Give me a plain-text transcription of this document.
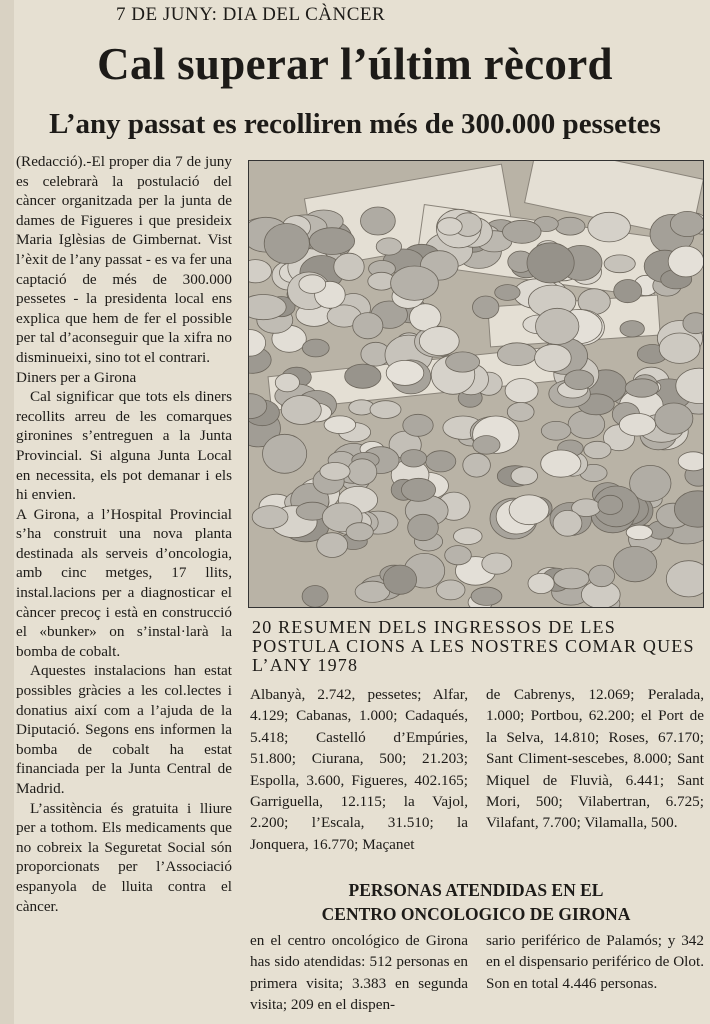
7 DE JUNY: DIA DEL CÀNCER
Cal superar l’últim rècord
L’any passat es recolliren més de 300.000 pessetes

(Redacció).-El proper dia 7 de juny es celebrarà la postulació del càncer organitzada per la junta de dames de Figueres i que presideix Maria Iglèsias de Gimbernat. Vist l’èxit de l’any passat - es va fer una captació de més de 300.000 pessetes - la presidenta local ens explica que hem de fer el possible per tal d’aconseguir que la xifra no disminueixi, sino tot el contrari.

Diners per a Girona

Cal significar que tots els diners recollits arreu de les comarques gironines s’entreguen a la Junta Provincial. Si alguna Junta Local en necessita, els pot demanar i els hi envien.

A Girona, a l’Hospital Provincial s’ha construit una nova planta destinada als serveis d’oncologia, amb cinc metges, 17 llits, instal.lacions per a diagnosticar el càncer precoç i està en construcció el «bunker» on s’instal·larà la bomba de cobalt.

Aquestes instalacions han estat possibles gràcies a les col.lectes i donatius així com a l’ajuda de la Diputació. Segons ens informen la bomba de cobalt ha estat financiada per la Junta Central de Madrid.

L’assitència és gratuita i lliure per a tothom. Els medicaments que no cobreix la Seguretat Social són proporcionats per l’Associació espanyola de lluita contra el càncer.

20 RESUMEN DELS INGRESSOS DE LES POSTULA CIONS A LES NOSTRES COMAR QUES L’ANY 1978
Albanyà, 2.742, pessetes; Alfar, 4.129; Cabanas, 1.000; Cadaqués, 5.418; Castelló d’Empúries, 51.800; Ciurana, 500; 21.203; Espolla, 3.600, Figueres, 402.165; Garriguella, 12.115; la Vajol, 2.200; l’Escala, 31.510; la Jonquera, 16.770; Maçanet
de Cabrenys, 12.069; Peralada, 1.000; Portbou, 62.200; el Port de la Selva, 14.810; Roses, 67.170; Sant Climent-sescebes, 8.000; Sant Miquel de Fluvià, 6.441; Sant Mori, 500; Vilabertran, 6.725; Vilafant, 7.700; Vilamalla, 500.
PERSONAS ATENDIDAS EN EL
CENTRO ONCOLOGICO DE GIRONA
en el centro oncológico de Girona has sido atendidas: 512 personas en primera visita; 3.383 en segunda visita; 209 en el dispen-
sario periférico de Palamós; y 342 en el dispensario periférico de Olot. Son en total 4.446 personas.
